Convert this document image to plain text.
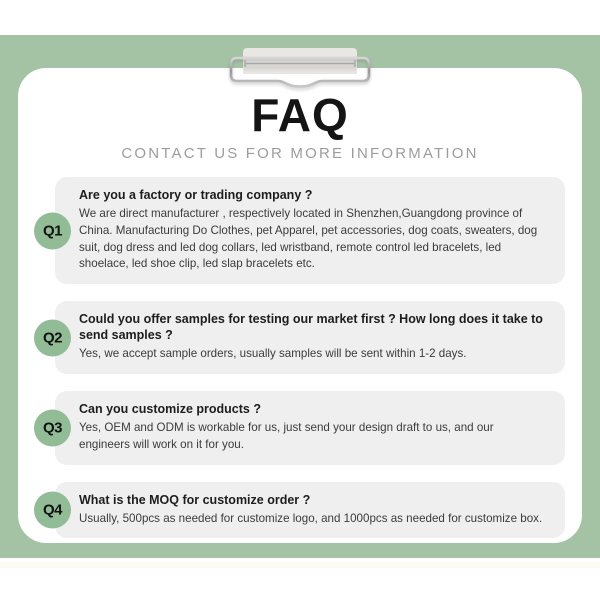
FAQ
CONTACT US FOR MORE INFORMATION
Q1
Are you a factory or trading company ?
We are direct manufacturer , respectively located in Shenzhen,Guangdong province of China. Manufacturing Do Clothes, pet Apparel, pet accessories, dog coats, sweaters, dog suit, dog dress and led dog collars, led wristband, remote control led bracelets, led shoelace, led shoe clip, led slap bracelets etc.
Q2
Could you offer samples for testing our market first ? How long does it take to send samples ?
Yes, we accept sample orders, usually samples will be sent within 1-2 days.
Q3
Can you customize products ?
Yes, OEM and ODM is workable for us, just send your design draft to us, and our engineers will work on it for you.
Q4
What is the MOQ for customize order ?
Usually, 500pcs as needed for customize logo, and 1000pcs as needed for customize box.
